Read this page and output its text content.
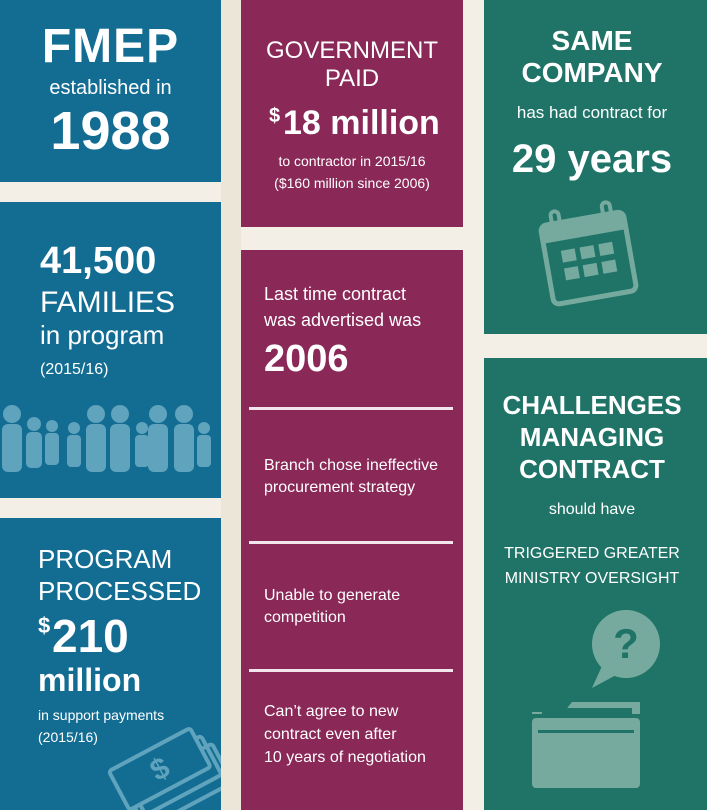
FMEP
established in
1988
41,500
FAMILIES
in program
(2015/16)
PROGRAM
PROCESSED
$ 210
million
in support payments
(2015/16)
$
GOVERNMENT
PAID
$ 18 million
to contractor in 2015/16
($160 million since 2006)
Last time contract
was advertised was
2006
Branch chose ineffective
procurement strategy
Unable to generate
competition
Can’t agree to new
contract even after
10 years of negotiation
SAME
COMPANY
has had contract for
29 years
CHALLENGES
MANAGING
CONTRACT
should have
TRIGGERED GREATER
MINISTRY OVERSIGHT
?
